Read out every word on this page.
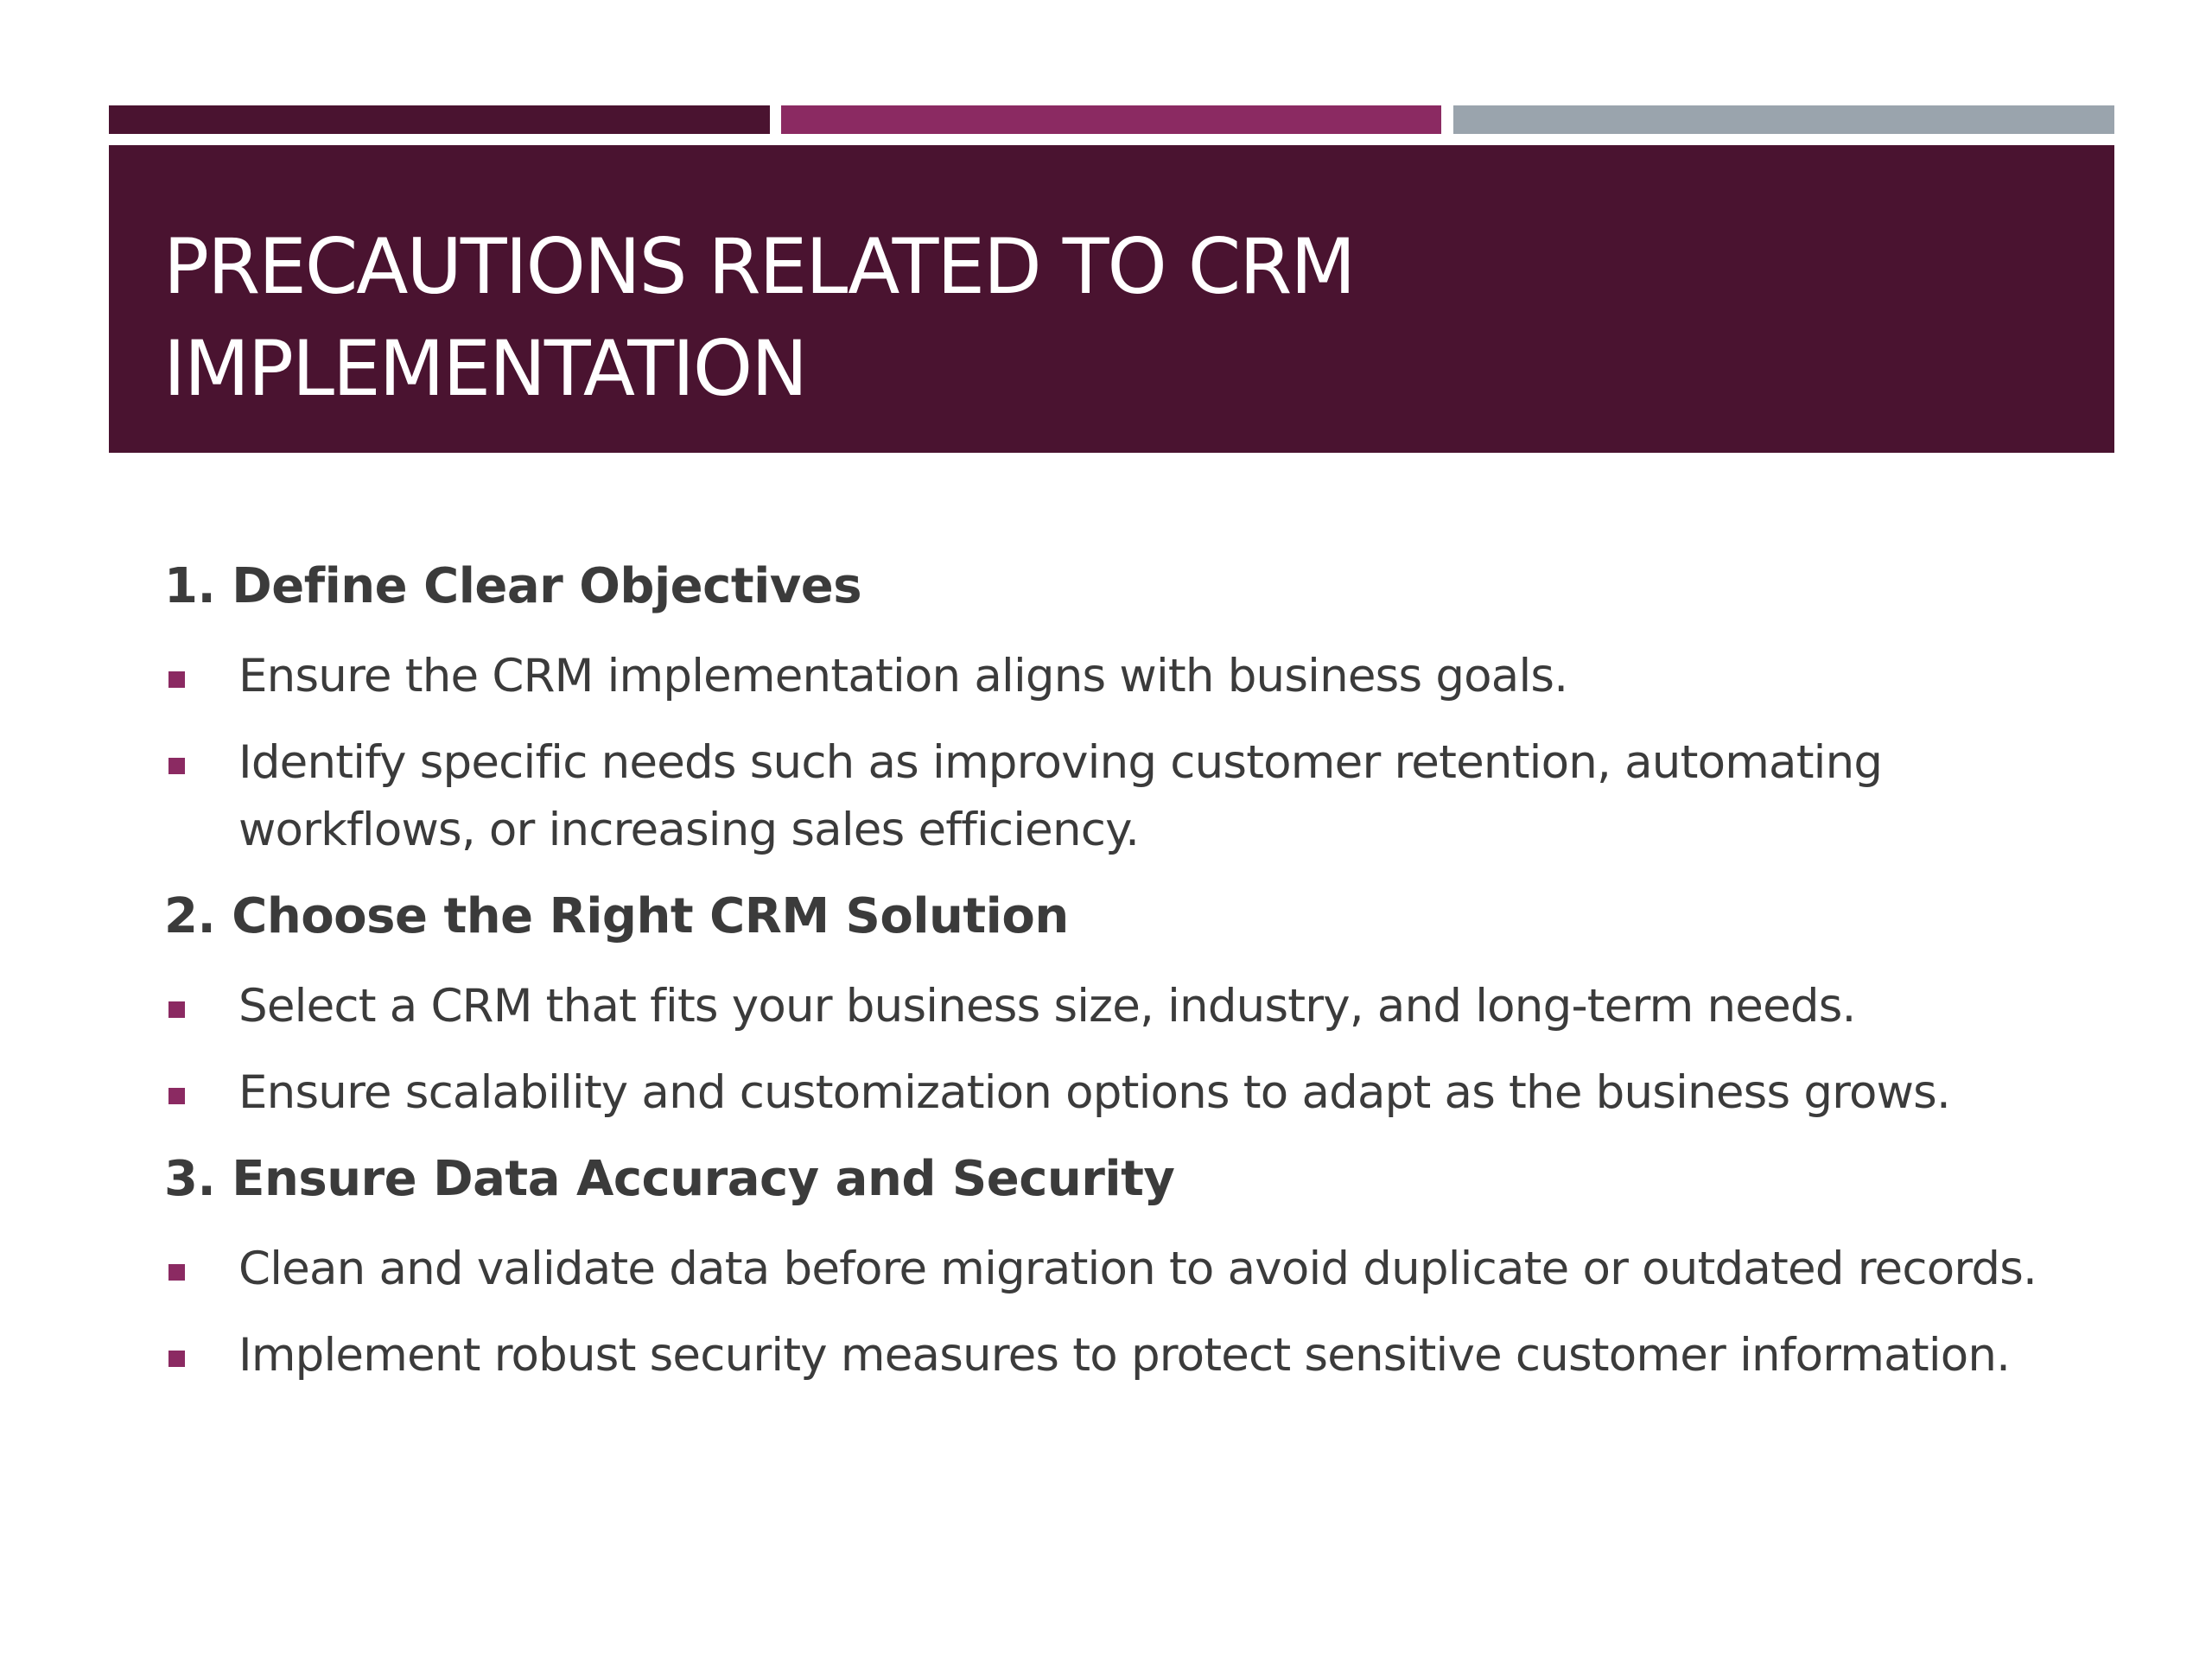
PRECAUTIONS RELATED TO CRM IMPLEMENTATION
1. Define Clear Objectives
Ensure the CRM implementation aligns with business goals.
Identify specific needs such as improving customer retention, automating workflows, or increasing sales efficiency.
2. Choose the Right CRM Solution
Select a CRM that fits your business size, industry, and long-term needs.
Ensure scalability and customization options to adapt as the business grows.
3. Ensure Data Accuracy and Security
Clean and validate data before migration to avoid duplicate or outdated records.
Implement robust security measures to protect sensitive customer information.
